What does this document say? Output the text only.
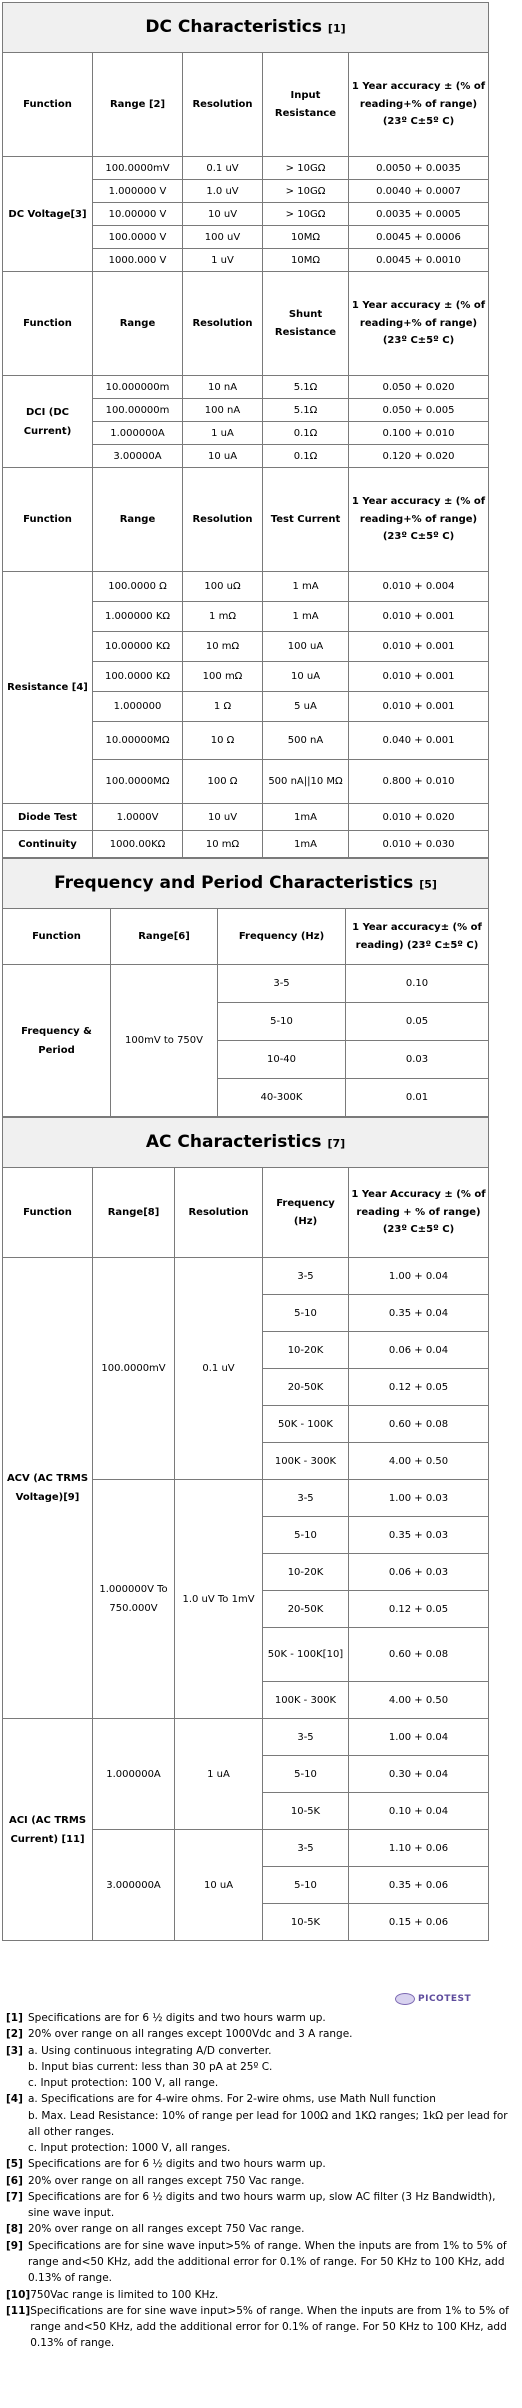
DC Characteristics [1]				
Function	Range [2]	Resolution	Input Resistance	1 Year accuracy ± (% of reading+% of range) (23º C±5º C)
DC Voltage[3]	100.0000mV	0.1 uV	> 10GΩ	0.0050 + 0.0035
	1.000000 V	1.0 uV	> 10GΩ	0.0040 + 0.0007
	10.00000 V	10 uV	> 10GΩ	0.0035 + 0.0005
	100.0000 V	100 uV	10MΩ	0.0045 + 0.0006
	1000.000 V	1 uV	10MΩ	0.0045 + 0.0010
Function	Range	Resolution	Shunt Resistance	1 Year accuracy ± (% of reading+% of range) (23º C±5º C)
DCI (DC Current)	10.000000m	10 nA	5.1Ω	0.050 + 0.020
	100.00000m	100 nA	5.1Ω	0.050 + 0.005
	1.000000A	1 uA	0.1Ω	0.100 + 0.010
	3.00000A	10 uA	0.1Ω	0.120 + 0.020
Function	Range	Resolution	Test Current	1 Year accuracy ± (% of reading+% of range) (23º C±5º C)
Resistance [4]	100.0000 Ω	100 uΩ	1 mA	0.010 + 0.004
	1.000000 KΩ	1 mΩ	1 mA	0.010 + 0.001
	10.00000 KΩ	10 mΩ	100 uA	0.010 + 0.001
	100.0000 KΩ	100 mΩ	10 uA	0.010 + 0.001
	1.000000	1 Ω	5 uA	0.010 + 0.001
	10.00000MΩ	10 Ω	500 nA	0.040 + 0.001
	100.0000MΩ	100 Ω	500 nA||10 MΩ	0.800 + 0.010
Diode Test	1.0000V	10 uV	1mA	0.010 + 0.020
Continuity	1000.00KΩ	10 mΩ	1mA	0.010 + 0.030
Frequency and Period Characteristics [5]			
Function	Range[6]	Frequency (Hz)	1 Year accuracy± (% of reading) (23º C±5º C)
Frequency & Period	100mV to 750V	3-5	0.10
		5-10	0.05
		10-40	0.03
		40-300K	0.01
AC Characteristics [7]				
Function	Range[8]	Resolution	Frequency (Hz)	1 Year Accuracy ± (% of reading + % of range) (23º C±5º C)
ACV (AC TRMS Voltage)[9]	100.0000mV	0.1 uV	3-5	1.00 + 0.04
			5-10	0.35 + 0.04
			10-20K	0.06 + 0.04
			20-50K	0.12 + 0.05
			50K - 100K	0.60 + 0.08
			100K - 300K	4.00 + 0.50
	1.000000V To 750.000V	1.0 uV To 1mV	3-5	1.00 + 0.03
			5-10	0.35 + 0.03
			10-20K	0.06 + 0.03
			20-50K	0.12 + 0.05
			50K - 100K[10]	0.60 + 0.08
			100K - 300K	4.00 + 0.50
ACI (AC TRMS Current) [11]	1.000000A	1 uA	3-5	1.00 + 0.04
			5-10	0.30 + 0.04
			10-5K	0.10 + 0.04
	3.000000A	10 uA	3-5	1.10 + 0.06
			5-10	0.35 + 0.06
			10-5K	0.15 + 0.06
PICOTEST
[1] Specifications are for 6 ½ digits and two hours warm up.
[2] 20% over range on all ranges except 1000Vdc and 3 A range.
[3] a. Using continuous integrating A/D converter.
b. Input bias current: less than 30 pA at 25º C.
c. Input protection: 100 V, all range.
[4] a. Specifications are for 4-wire ohms. For 2-wire ohms, use Math Null function
b. Max. Lead Resistance: 10% of range per lead for 100Ω and 1KΩ ranges; 1kΩ per lead for all other ranges.
c. Input protection: 1000 V, all ranges.
[5] Specifications are for 6 ½ digits and two hours warm up.
[6] 20% over range on all ranges except 750 Vac range.
[7] Specifications are for 6 ½ digits and two hours warm up, slow AC filter (3 Hz Bandwidth), sine wave input.
[8] 20% over range on all ranges except 750 Vac range.
[9] Specifications are for sine wave input>5% of range. When the inputs are from 1% to 5% of range and<50 KHz, add the additional error for 0.1% of range. For 50 KHz to 100 KHz, add 0.13% of range.
[10] 750Vac range is limited to 100 KHz.
[11] Specifications are for sine wave input>5% of range. When the inputs are from 1% to 5% of range and<50 KHz, add the additional error for 0.1% of range. For 50 KHz to 100 KHz, add 0.13% of range.
